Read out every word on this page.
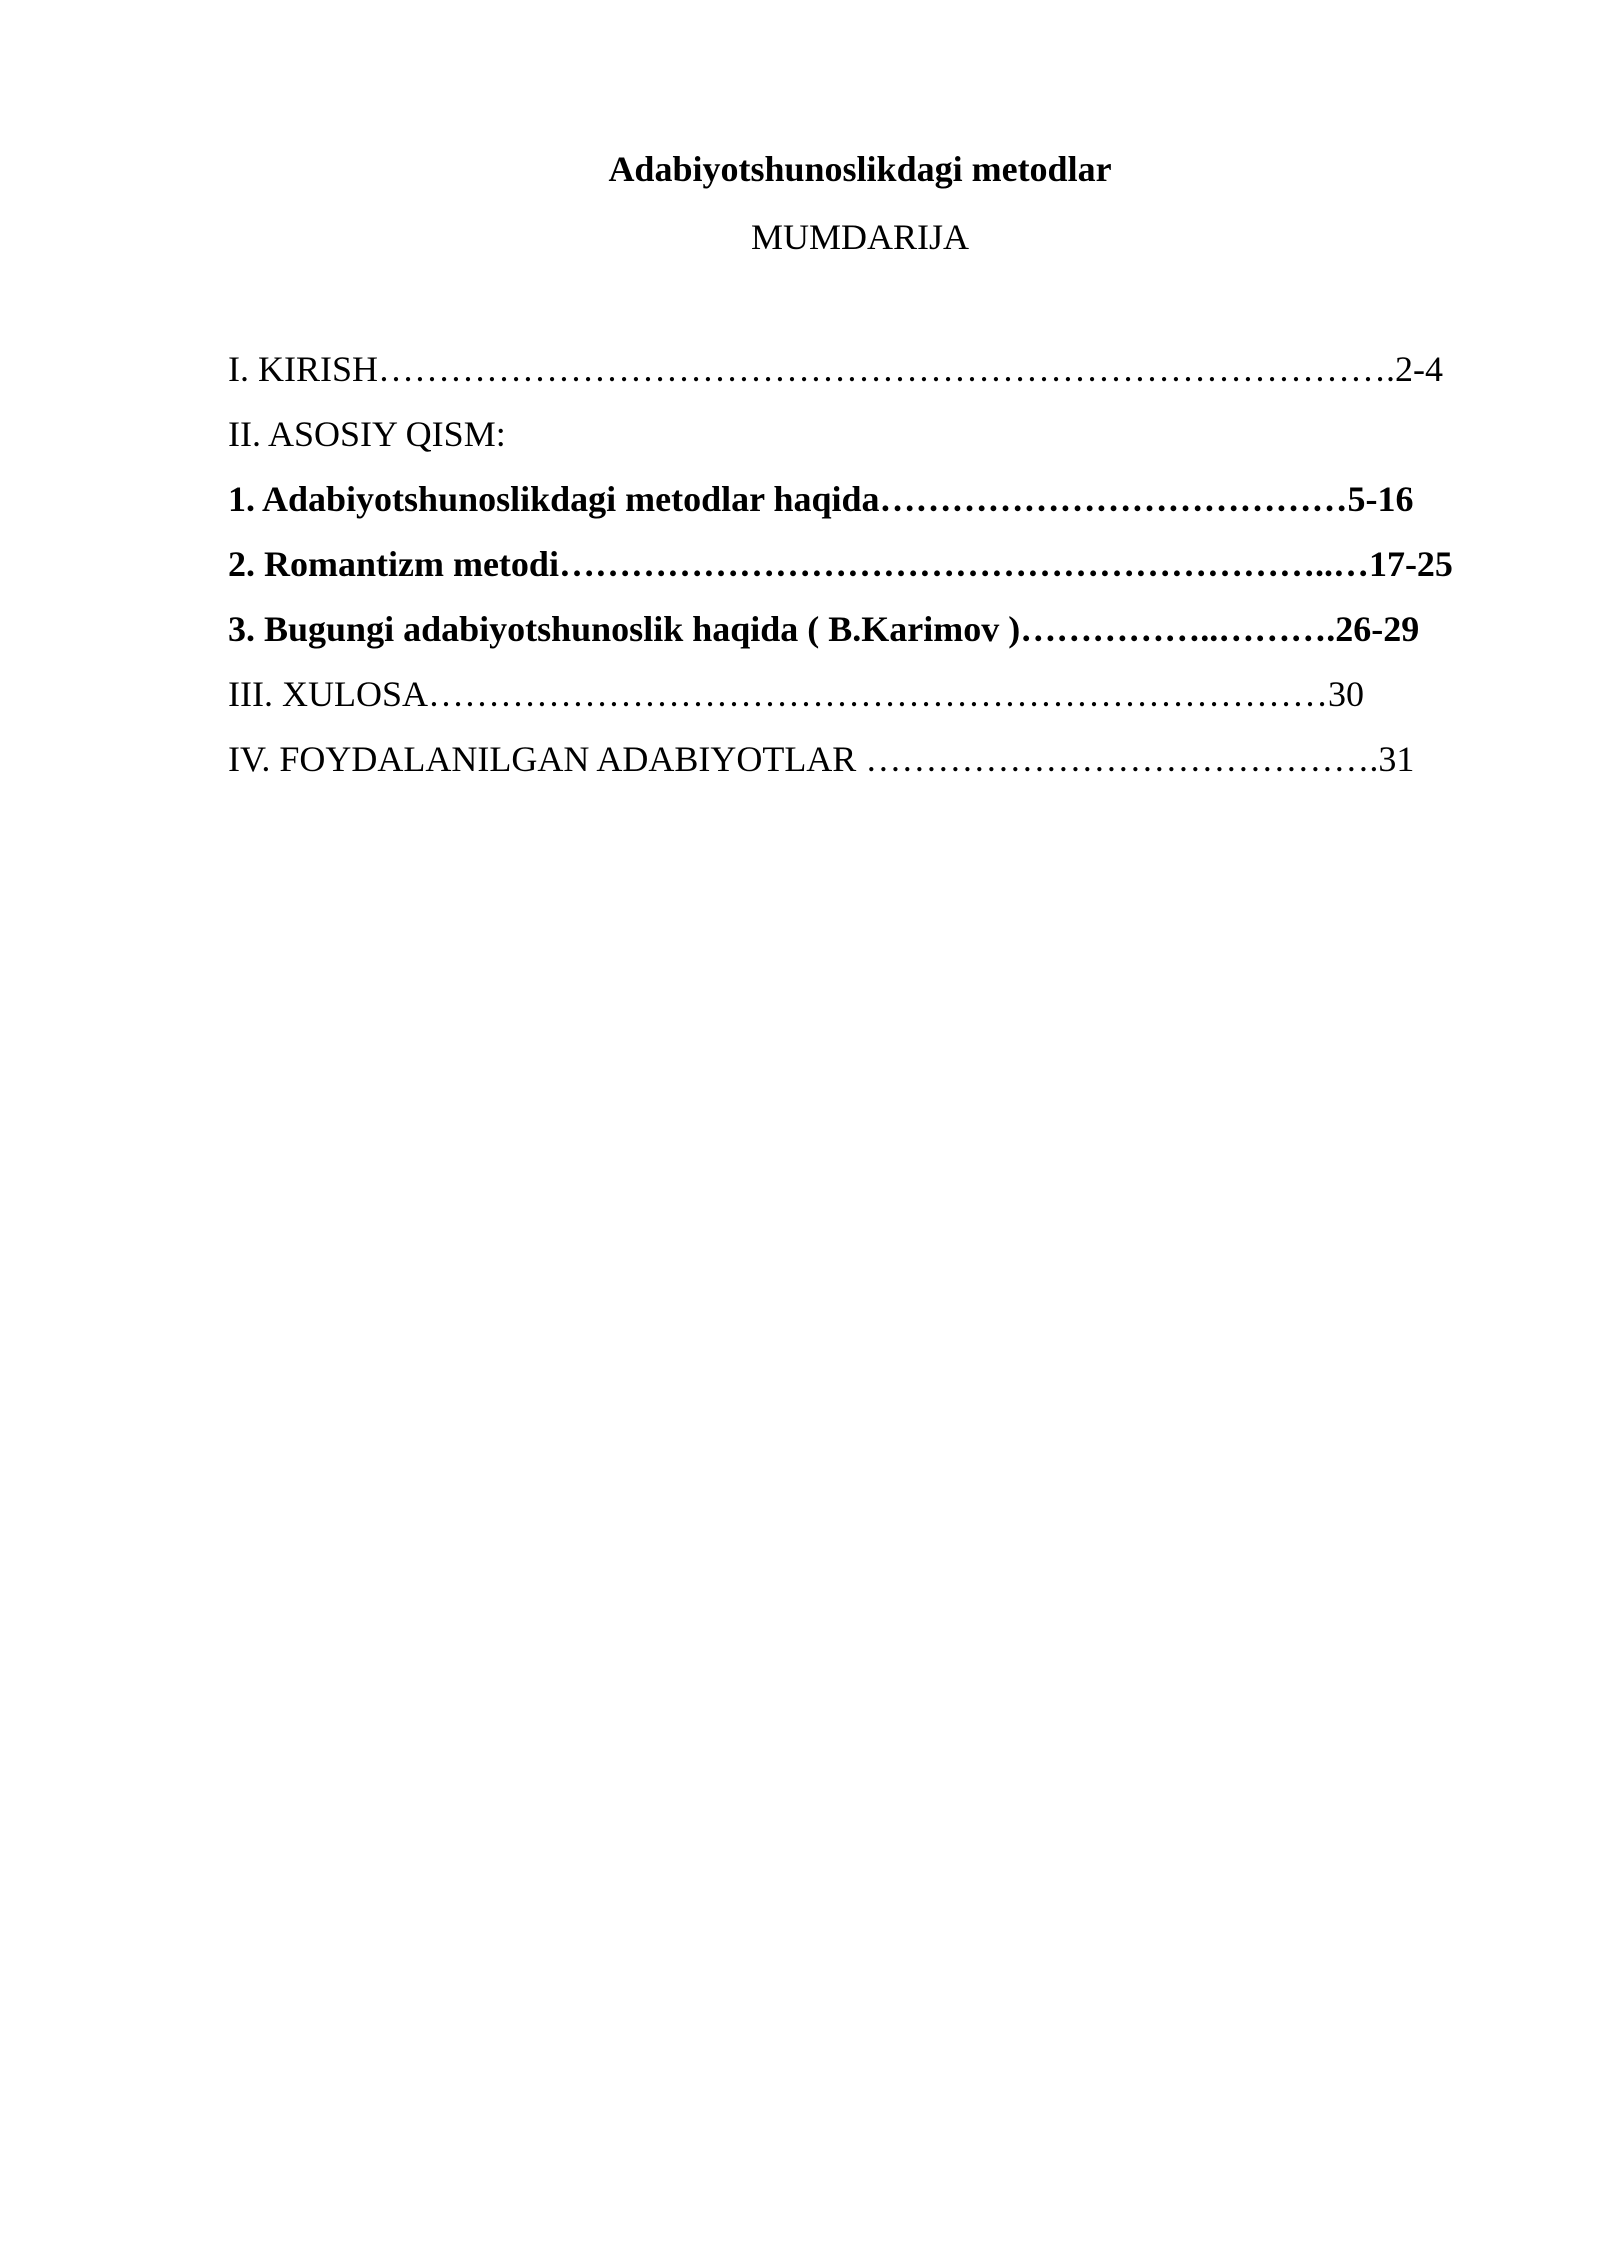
Adabiyotshunoslikdagi metodlar
MUMDARIJA
I. KIRISH………………………………………………………………………….2-4
II. ASOSIY QISM:
1. Adabiyotshunoslikdagi metodlar haqida…………………………………5-16
2. Romantizm metodi………………………………………………………..…17-25
3. Bugungi adabiyotshunoslik haqida ( B.Karimov )……………..……….26-29
III. XULOSA…………………………………………………………………30
IV. FOYDALANILGAN ADABIYOTLAR …………………………………….31
